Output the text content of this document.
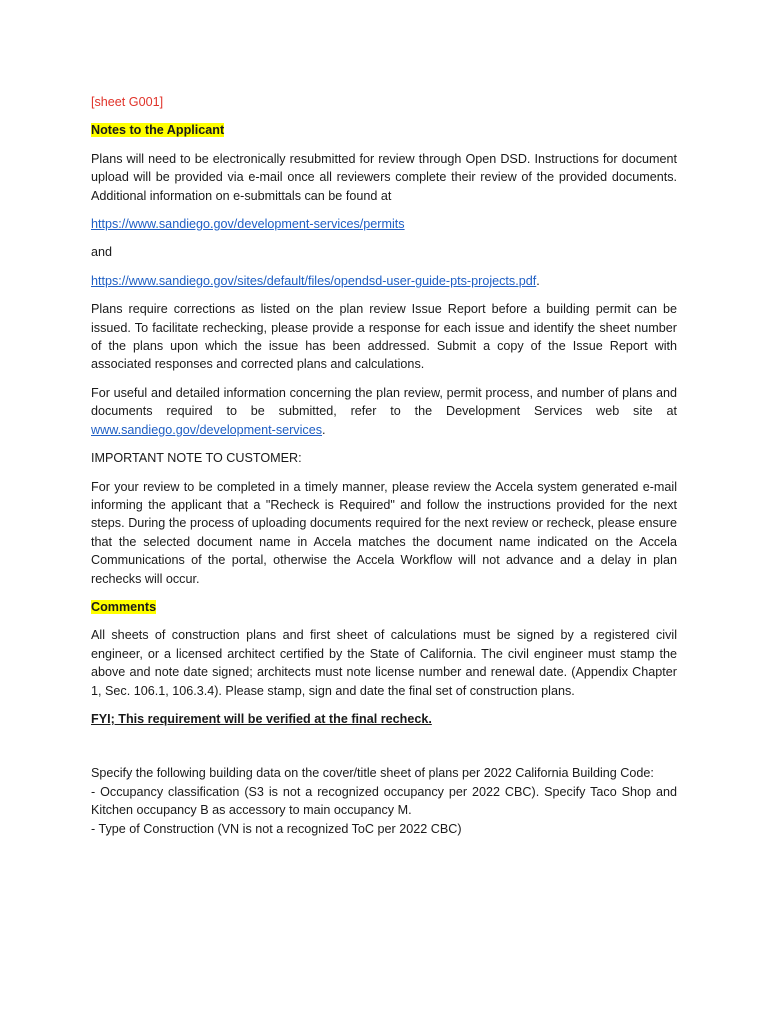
[sheet G001]

Notes to the Applicant

Plans will need to be electronically resubmitted for review through Open DSD. Instructions for document upload will be provided via e-mail once all reviewers complete their review of the provided documents. Additional information on e-submittals can be found at

https://www.sandiego.gov/development-services/permits

and

https://www.sandiego.gov/sites/default/files/opendsd-user-guide-pts-projects.pdf.

Plans require corrections as listed on the plan review Issue Report before a building permit can be issued. To facilitate rechecking, please provide a response for each issue and identify the sheet number of the plans upon which the issue has been addressed. Submit a copy of the Issue Report with associated responses and corrected plans and calculations.

For useful and detailed information concerning the plan review, permit process, and number of plans and documents required to be submitted, refer to the Development Services web site at www.sandiego.gov/development-services.

IMPORTANT NOTE TO CUSTOMER:

For your review to be completed in a timely manner, please review the Accela system generated e-mail informing the applicant that a "Recheck is Required" and follow the instructions provided for the next steps. During the process of uploading documents required for the next review or recheck, please ensure that the selected document name in Accela matches the document name indicated on the Accela Communications of the portal, otherwise the Accela Workflow will not advance and a delay in plan rechecks will occur.

Comments

All sheets of construction plans and first sheet of calculations must be signed by a registered civil engineer, or a licensed architect certified by the State of California. The civil engineer must stamp the above and note date signed; architects must note license number and renewal date. (Appendix Chapter 1, Sec. 106.1, 106.3.4). Please stamp, sign and date the final set of construction plans.

FYI; This requirement will be verified at the final recheck.

Specify the following building data on the cover/title sheet of plans per 2022 California Building Code:

- Occupancy classification (S3 is not a recognized occupancy per 2022 CBC). Specify Taco Shop and Kitchen occupancy B as accessory to main occupancy M.

- Type of Construction (VN is not a recognized ToC per 2022 CBC)
